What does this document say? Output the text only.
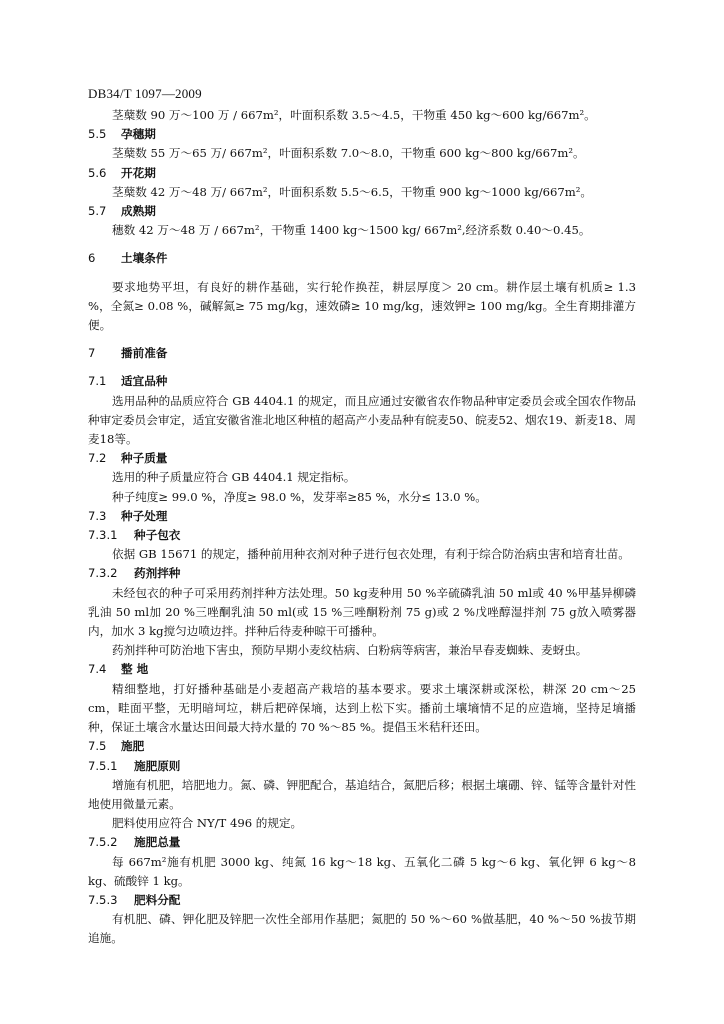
DB34/T 1097—2009
茎蘖数 90 万～100 万 / 667m²，叶面积系数 3.5～4.5，干物重 450 kg～600 kg/667m²。
5.5 孕穗期
茎蘖数 55 万～65 万/ 667m²，叶面积系数 7.0～8.0，干物重 600 kg～800 kg/667m²。
5.6 开花期
茎蘖数 42 万～48 万/ 667m²，叶面积系数 5.5～6.5，干物重 900 kg～1000 kg/667m²。
5.7 成熟期
穗数 42 万～48 万 / 667m²，干物重 1400 kg～1500 kg/ 667m²,经济系数 0.40～0.45。
6 土壤条件
要求地势平坦，有良好的耕作基础，实行轮作换茬，耕层厚度＞ 20 cm。耕作层土壤有机质≥ 1.3 %，全氮≥ 0.08 %，碱解氮≥ 75 mg/kg，速效磷≥ 10 mg/kg，速效钾≥ 100 mg/kg。全生育期排灌方便。
7 播前准备
7.1 适宜品种
选用品种的品质应符合 GB 4404.1 的规定，而且应通过安徽省农作物品种审定委员会或全国农作物品种审定委员会审定，适宜安徽省淮北地区种植的超高产小麦品种有皖麦50、皖麦52、烟农19、新麦18、周麦18等。
7.2 种子质量
选用的种子质量应符合 GB 4404.1 规定指标。
种子纯度≥ 99.0 %，净度≥ 98.0 %，发芽率≥85 %，水分≤ 13.0 %。
7.3 种子处理
7.3.1 种子包衣
依据 GB 15671 的规定，播种前用种衣剂对种子进行包衣处理，有利于综合防治病虫害和培育壮苗。
7.3.2 药剂拌种
未经包衣的种子可采用药剂拌种方法处理。50 kg麦种用 50 %辛硫磷乳油 50 ml或 40 %甲基异柳磷乳油 50 ml加 20 %三唑酮乳油 50 ml(或 15 %三唑酮粉剂 75 g)或 2 %戊唑醇湿拌剂 75 g放入喷雾器内，加水 3 kg搅匀边喷边拌。拌种后待麦种晾干可播种。
药剂拌种可防治地下害虫，预防早期小麦纹枯病、白粉病等病害，兼治早春麦蜘蛛、麦蚜虫。
7.4 整 地
精细整地，打好播种基础是小麦超高产栽培的基本要求。要求土壤深耕或深松，耕深 20 cm～25 cm，畦面平整，无明暗坷垃，耕后耙碎保墒，达到上松下实。播前土壤墒情不足的应造墒，坚持足墒播种，保证土壤含水量达田间最大持水量的 70 %～85 %。提倡玉米秸秆还田。
7.5 施肥
7.5.1 施肥原则
增施有机肥，培肥地力。氮、磷、钾肥配合，基追结合，氮肥后移；根据土壤硼、锌、锰等含量针对性地使用微量元素。
肥料使用应符合 NY/T 496 的规定。
7.5.2 施肥总量
每 667m²施有机肥 3000 kg、纯氮 16 kg～18 kg、五氧化二磷 5 kg～6 kg、氧化钾 6 kg～8 kg、硫酸锌 1 kg。
7.5.3 肥料分配
有机肥、磷、钾化肥及锌肥一次性全部用作基肥；氮肥的 50 %～60 %做基肥，40 %～50 %拔节期追施。
